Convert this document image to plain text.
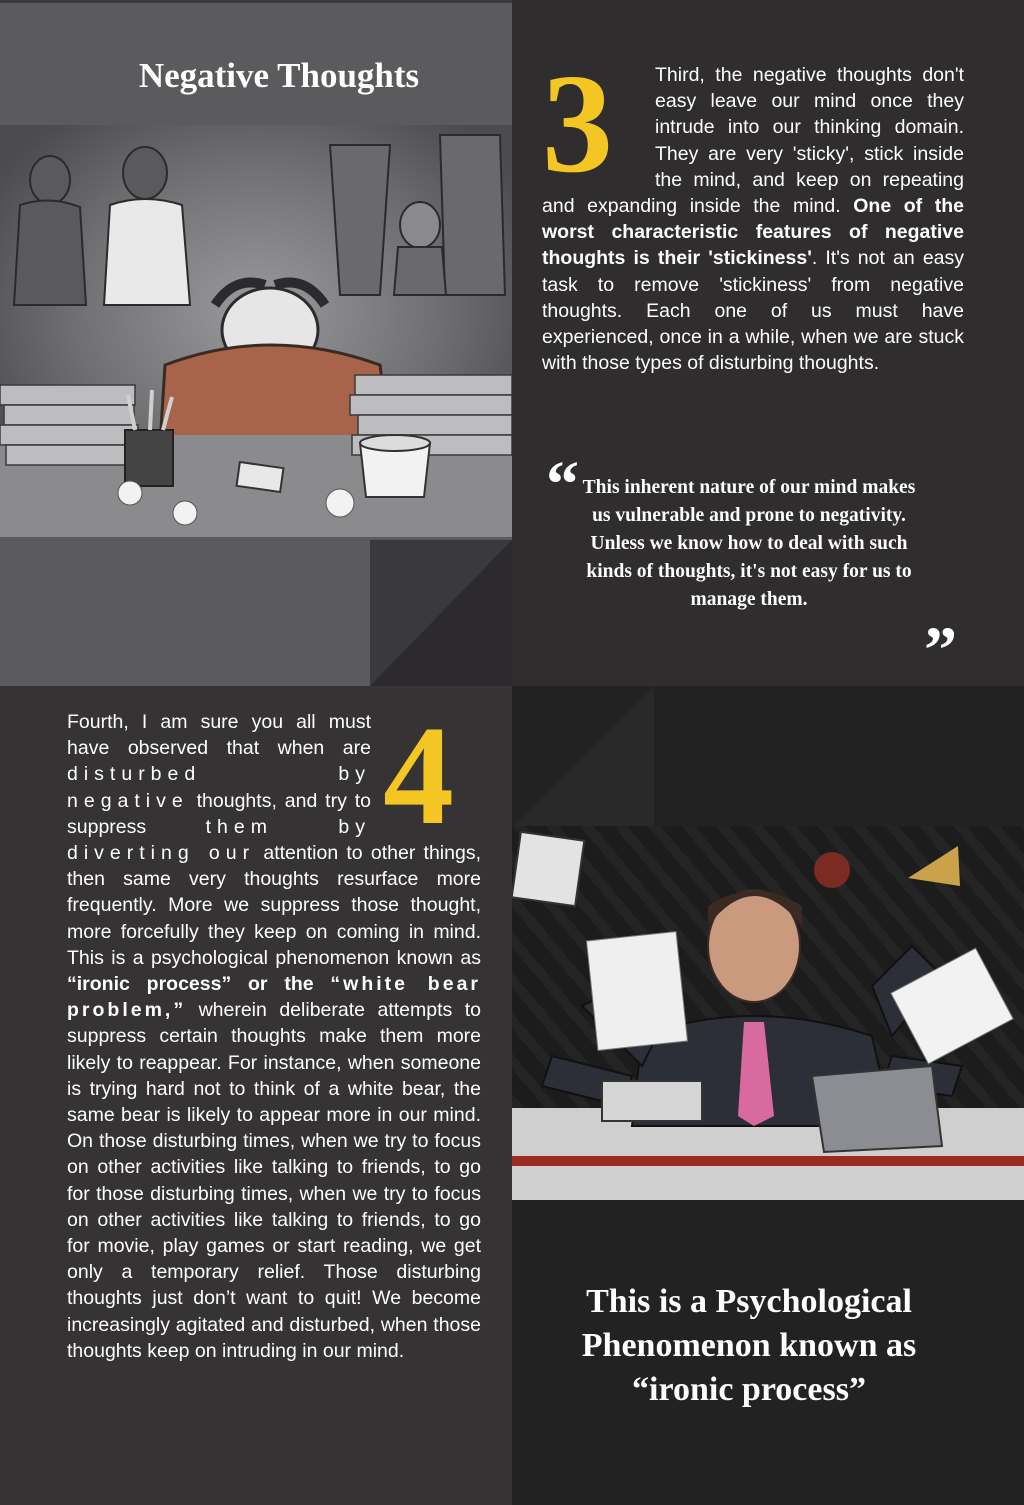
Negative Thoughts 3	Third, the negative thoughts don't easy leave our mind once they intrude into our thinking domain. They are very 'sticky', stick inside the mind, and keep on repeating and expanding inside the mind. One of the worst characteristic features of negative thoughts is their 'stickiness'. It's not an easy task to remove 'stickiness' from negative thoughts. Each one of us must have experienced, once in a while, when we are stuck with those types of disturbing thoughts.

“ This inherent nature of our mind makes us vulnerable and prone to negativity. Unless we know how to deal with such kinds of thoughts, it's not easy for us to manage them.

”
4

Fourth, I am sure you all must have observed that when are disturbed by negative thoughts, and try to suppress them by diverting our attention to other things, then same very thoughts resurface more frequently. More we suppress those thought, more forcefully they keep on coming in mind. This is a psychological phenomenon known as “ironic process” or the “white bear problem,” wherein deliberate attempts to suppress certain thoughts make them more likely to reappear. For instance, when someone is trying hard not to think of a white bear, the same bear is likely to appear more in our mind. On those disturbing times, when we try to focus on other activities like talking to friends, to go for those disturbing times, when we try to focus on other activities like talking to friends, to go for movie, play games or start reading, we get only a temporary relief. Those disturbing thoughts just don’t want to quit! We become increasingly agitated and disturbed, when those thoughts keep on intruding in our mind.

This is a Psychological
Phenomenon known as
“ironic process”
